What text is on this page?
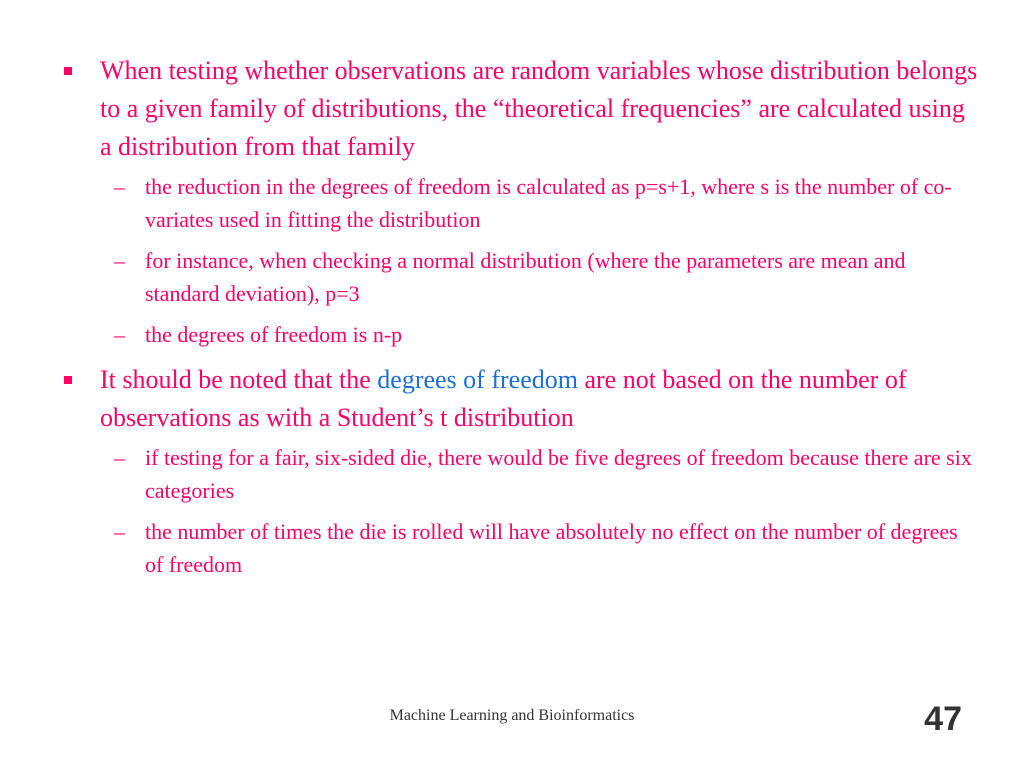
When testing whether observations are random variables whose distribution belongs to a given family of distributions, the “theoretical frequencies” are calculated using a distribution from that family
– the reduction in the degrees of freedom is calculated as p=s+1, where s is the number of co-variates used in fitting the distribution
– for instance, when checking a normal distribution (where the parameters are mean and standard deviation), p=3
– the degrees of freedom is n-p
It should be noted that the degrees of freedom are not based on the number of observations as with a Student’s t distribution
– if testing for a fair, six-sided die, there would be five degrees of freedom because there are six categories
– the number of times the die is rolled will have absolutely no effect on the number of degrees of freedom
Machine Learning and Bioinformatics	47
